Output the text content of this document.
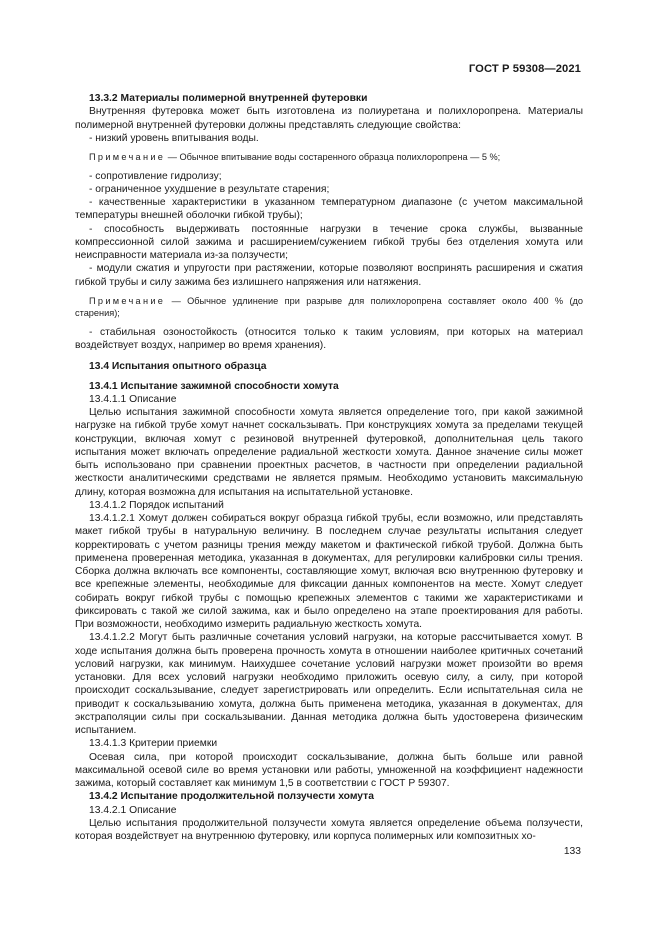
ГОСТ Р 59308—2021

13.3.2 Материалы полимерной внутренней футеровки

Внутренняя футеровка может быть изготовлена из полиуретана и полихлоропрена. Материалы полимерной внутренней футеровки должны представлять следующие свойства:

- низкий уровень впитывания воды.

Примечание — Обычное впитывание воды состаренного образца полихлоропрена — 5 %;

- сопротивление гидролизу;

- ограниченное ухудшение в результате старения;

- качественные характеристики в указанном температурном диапазоне (с учетом максимальной температуры внешней оболочки гибкой трубы);

- способность выдерживать постоянные нагрузки в течение срока службы, вызванные компрессионной силой зажима и расширением/сужением гибкой трубы без отделения хомута или неисправности материала из-за ползучести;

- модули сжатия и упругости при растяжении, которые позволяют воспринять расширения и сжатия гибкой трубы и силу зажима без излишнего напряжения или натяжения.

Примечание — Обычное удлинение при разрыве для полихлоропрена составляет около 400 % (до старения);

- стабильная озоностойкость (относится только к таким условиям, при которых на материал воздействует воздух, например во время хранения).

13.4 Испытания опытного образца

13.4.1 Испытание зажимной способности хомута

13.4.1.1 Описание

Целью испытания зажимной способности хомута является определение того, при какой зажимной нагрузке на гибкой трубе хомут начнет соскальзывать. При конструкциях хомута за пределами текущей конструкции, включая хомут с резиновой внутренней футеровкой, дополнительная цель такого испытания может включать определение радиальной жесткости хомута. Данное значение силы может быть использовано при сравнении проектных расчетов, в частности при определении радиальной жесткости аналитическими средствами не является прямым. Необходимо установить максимальную длину, которая возможна для испытания на испытательной установке.

13.4.1.2 Порядок испытаний

13.4.1.2.1 Хомут должен собираться вокруг образца гибкой трубы, если возможно, или представлять макет гибкой трубы в натуральную величину. В последнем случае результаты испытания следует корректировать с учетом разницы трения между макетом и фактической гибкой трубой. Должна быть применена проверенная методика, указанная в документах, для регулировки калибровки силы трения. Сборка должна включать все компоненты, составляющие хомут, включая всю внутреннюю футеровку и все крепежные элементы, необходимые для фиксации данных компонентов на месте. Хомут следует собирать вокруг гибкой трубы с помощью крепежных элементов с такими же характеристиками и фиксировать с такой же силой зажима, как и было определено на этапе проектирования для работы. При возможности, необходимо измерить радиальную жесткость хомута.

13.4.1.2.2 Могут быть различные сочетания условий нагрузки, на которые рассчитывается хомут. В ходе испытания должна быть проверена прочность хомута в отношении наиболее критичных сочетаний условий нагрузки, как минимум. Наихудшее сочетание условий нагрузки может произойти во время установки. Для всех условий нагрузки необходимо приложить осевую силу, а силу, при которой происходит соскальзывание, следует зарегистрировать или определить. Если испытательная сила не приводит к соскальзыванию хомута, должна быть применена методика, указанная в документах, для экстраполяции силы при соскальзывании. Данная методика должна быть удостоверена физическим испытанием.

13.4.1.3 Критерии приемки

Осевая сила, при которой происходит соскальзывание, должна быть больше или равной максимальной осевой силе во время установки или работы, умноженной на коэффициент надежности зажима, который составляет как минимум 1,5 в соответствии с ГОСТ Р 59307.

13.4.2 Испытание продолжительной ползучести хомута

13.4.2.1 Описание

Целью испытания продолжительной ползучести хомута является определение объема ползучести, которая воздействует на внутреннюю футеровку, или корпуса полимерных или композитных хо-

133
